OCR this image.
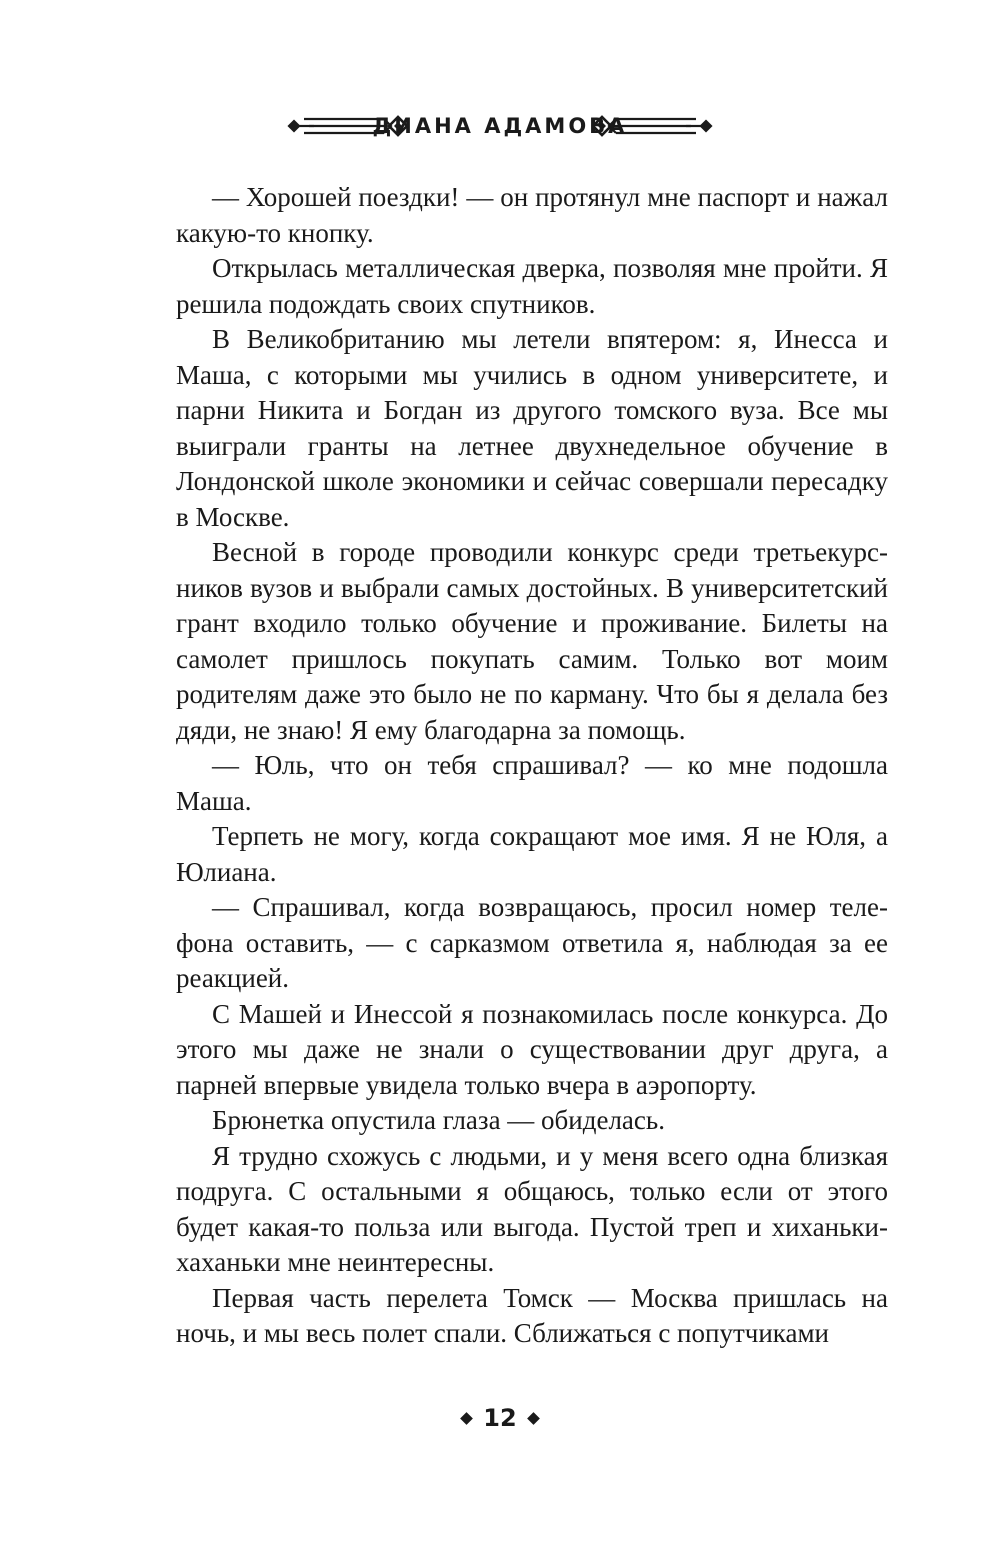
ДИАНА АДАМОВА

— Хорошей поездки! — он протянул мне паспорт и нажал какую-то кнопку.

Открылась металлическая дверка, позволяя мне пройти. Я решила подождать своих спутников.

В Великобританию мы летели впятером: я, Инесса и Маша, с которыми мы учились в одном университете, и парни Никита и Богдан из другого томского вуза. Все мы выиграли гранты на летнее двухнедельное обучение в Лондонской школе экономики и сейчас совершали пересадку в Москве.

Весной в городе проводили конкурс среди третьекурсников вузов и выбрали самых достойных. В университетский грант входило только обучение и проживание. Билеты на самолет пришлось покупать самим. Только вот моим родителям даже это было не по карману. Что бы я делала без дяди, не знаю! Я ему благодарна за помощь.

— Юль, что он тебя спрашивал? — ко мне подошла Маша.

Терпеть не могу, когда сокращают мое имя. Я не Юля, а Юлиана.

— Спрашивал, когда возвращаюсь, просил номер телефона оставить, — с сарказмом ответила я, наблюдая за ее реакцией.

С Машей и Инессой я познакомилась после конкурса. До этого мы даже не знали о существовании друг друга, а парней впервые увидела только вчера в аэропорту.

Брюнетка опустила глаза — обиделась.

Я трудно схожусь с людьми, и у меня всего одна близкая подруга. С остальными я общаюсь, только если от этого будет какая-то польза или выгода. Пустой треп и хиханьки-хаханьки мне неинтересны.

Первая часть перелета Томск — Москва пришлась на ночь, и мы весь полет спали. Сближаться с попутчиками

12
